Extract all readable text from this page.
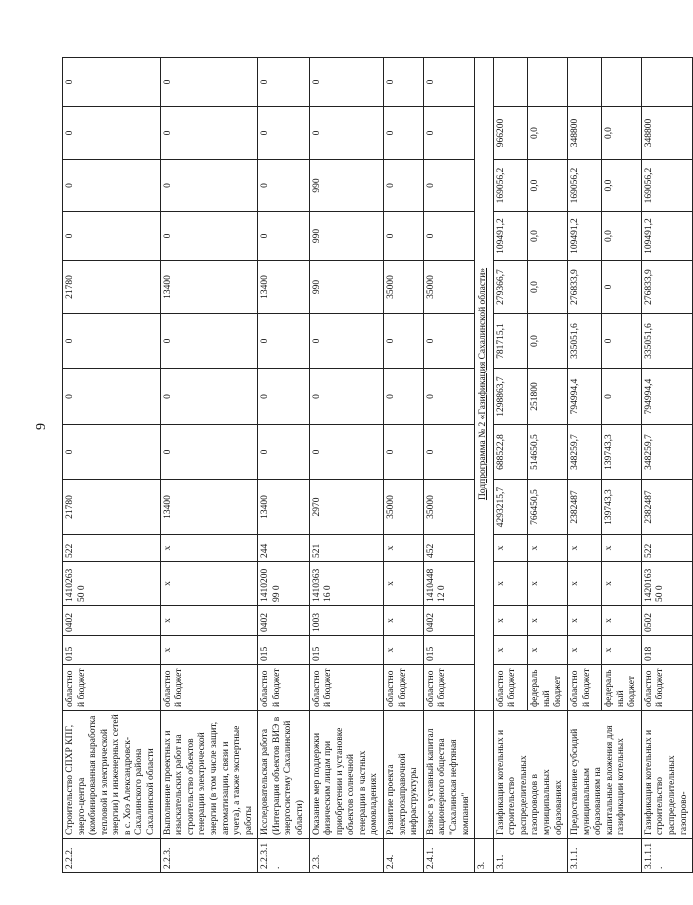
9
2.2.2.	Строительство СПХР КПГ, энерго-центра (комбинированная выработка тепловой и электрической энергии) и инженерных сетей в с. Хоэ Александровск-Сахалинского района Сахалинской области	областной бюджет	015	0402	141026350 0	522	21780	0	0	0	21780	0	0	0	0
2.2.3.	Выполнение проектных и изыскательских работ на строительство объектов генерации электрической энергии (в том числе защит, автоматизации, связи и учета), а также экспертные работы	областной бюджет	x	x	x	x	13400	0	0	0	13400	0	0	0	0
2.2.3.1.	Исследовательская работа (Интеграция объектов ВИЭ в энергосистему Сахалинской области)	областной бюджет	015	0402	141020099 0	244	13400	0	0	0	13400	0	0	0	0
2.3.	Оказание мер поддержки физическим лицам при приобретении и установке объектов солнечной генерации в частных домовладениях	областной бюджет	015	1003	141036316 0	521	2970	0	0	0	990	990	990	0	0
2.4.	Развитие проекта электрозаправочной инфраструктуры	областной бюджет	x	x	x	x	35000	0	0	0	35000	0	0	0	0
2.4.1.	Взнос в уставный капитал акционерного общества "Сахалинская нефтяная компания"	областной бюджет	015	0402	141044812 0	452	35000	0	0	0	35000	0	0	0	0
3.		Подпрограмма № 2 «Газификация Сахалинской области»													
3.1.	Газификация котельных и строительство распределительных газопроводов в муниципальных образованиях	областной бюджет	x	x	x	x	4293215,7	688522,8	1298863,7	781715,1	279366,7	109491,2	169056,2	966200	
		федеральный бюджет	x	x	x	x	766450,5	514650,5	251800	0,0	0,0	0,0	0,0	0,0	
3.1.1.	Предоставление субсидий муниципальным образованиям на капитальные вложения для газификации котельных	областной бюджет	x	x	x	x	2382487	348259,7	794994,4	335051,6	276833,9	109491,2	169056,2	348800	
		федеральный бюджет	x	x	x	x	139743,3	139743,3	0	0	0	0,0	0,0	0,0	
3.1.1.1.	Газификация котельных и строительство распределительных газопрово-	областной бюджет	018	0502	142016350 0	522	2382487	348259,7	794994,4	335051,6	276833,9	109491,2	169056,2	348800	
